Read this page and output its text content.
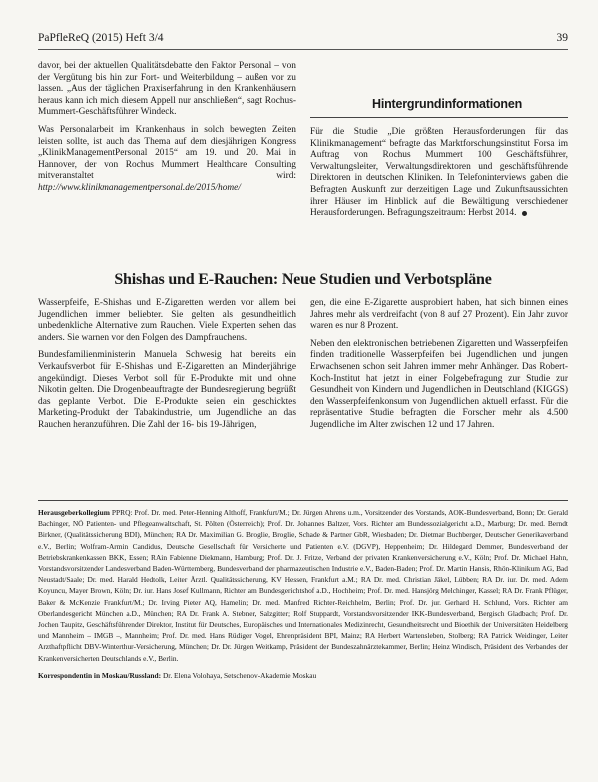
PaPfleReQ (2015) Heft 3/4	39

davor, bei der aktuellen Qualitätsdebatte den Faktor Personal – von der Vergütung bis hin zur Fort- und Weiterbildung – außen vor zu lassen. „Aus der täglichen Praxiserfahrung in den Krankenhäusern heraus kann ich mich diesem Appell nur anschließen“, sagt Rochus-Mummert-Geschäftsführer Windeck.

Was Personalarbeit im Krankenhaus in solch bewegten Zeiten leisten sollte, ist auch das Thema auf dem diesjährigen Kongress „KlinikManagementPersonal 2015“ am 19. und 20. Mai in Hannover, der von Rochus Mummert Healthcare Consulting mitveranstaltet wird: http://www.klinikmanagementpersonal.de/2015/home/

Hintergrundinformationen

Für die Studie „Die größten Herausforderungen für das Klinikmanagement“ befragte das Marktforschungsinstitut Forsa im Auftrag von Rochus Mummert 100 Geschäftsführer, Verwaltungsleiter, Verwaltungsdirektoren und geschäftsführende Direktoren in deutschen Kliniken. In Telefoninterviews gaben die Befragten Auskunft zur derzeitigen Lage und Zukunftsaussichten ihrer Häuser im Hinblick auf die Bewältigung verschiedener Herausforderungen. Befragungszeitraum: Herbst 2014.

Shishas und E-Rauchen: Neue Studien und Verbotspläne

Wasserpfeife, E-Shishas und E-Zigaretten werden vor allem bei Jugendlichen immer beliebter. Sie gelten als gesundheitlich unbedenkliche Alternative zum Rauchen. Viele Experten sehen das anders. Sie warnen vor den Folgen des Dampfrauchens.

Bundesfamilienministerin Manuela Schwesig hat bereits ein Verkaufsverbot für E-Shishas und E-Zigaretten an Minderjährige angekündigt. Dieses Verbot soll für E-Produkte mit und ohne Nikotin gelten. Die Drogenbeauftragte der Bundesregierung begrüßt das geplante Verbot. Die E-Produkte seien ein geschicktes Marketing-Produkt der Tabakindustrie, um Jugendliche an das Rauchen heranzuführen. Die Zahl der 16- bis 19-Jährigen,

gen, die eine E-Zigarette ausprobiert haben, hat sich binnen eines Jahres mehr als verdreifacht (von 8 auf 27 Prozent). Ein Jahr zuvor waren es nur 8 Prozent.

Neben den elektronischen betriebenen Zigaretten und Wasserpfeifen finden traditionelle Wasserpfeifen bei Jugendlichen und jungen Erwachsenen schon seit Jahren immer mehr Anhänger. Das Robert-Koch-Institut hat jetzt in einer Folgebefragung zur Studie zur Gesundheit von Kindern und Jugendlichen in Deutschland (KIGGS) den Wasserpfeifenkonsum von Jugendlichen aktuell erfasst. Für die repräsentative Studie befragten die Forscher mehr als 4.500 Jugendliche im Alter zwischen 12 und 17 Jahren.

Herausgeberkollegium PPRQ: Prof. Dr. med. Peter-Henning Althoff, Frankfurt/M.; Dr. Jürgen Ahrens u.m., Vorsitzender des Vorstands, AOK-Bundesverband, Bonn; Dr. Gerald Bachinger, NÖ Patienten- und Pflegeanwaltschaft, St. Pölten (Österreich); Prof. Dr. Johannes Baltzer, Vors. Richter am Bundessozialgericht a.D., Marburg; Dr. med. Berndt Birkner, (Qualitätssicherung BDI), München; RA Dr. Maximilian G. Broglie, Broglie, Schade & Partner GbR, Wiesbaden; Dr. Dietmar Buchberger, Deutscher Generikaverband e.V., Berlin; Wolfram-Armin Candidus, Deutsche Gesellschaft für Versicherte und Patienten e.V. (DGVP), Heppenheim; Dr. Hildegard Demmer, Bundesverband der Betriebskrankenkassen BKK, Essen; RAin Fabienne Diekmann, Hamburg; Prof. Dr. J. Fritze, Verband der privaten Krankenversicherung e.V., Köln; Prof. Dr. Michael Hahn, Vorstandsvorsitzender Landesverband Baden-Württemberg, Bundesverband der pharmazeutischen Industrie e.V., Baden-Baden; Prof. Dr. Martin Hansis, Rhön-Klinikum AG, Bad Neustadt/Saale; Dr. med. Harald Hedtolk, Leiter Ärztl. Qualitätssicherung, KV Hessen, Frankfurt a.M.; RA Dr. med. Christian Jäkel, Lübben; RA Dr. iur. Dr. med. Adem Koyuncu, Mayer Brown, Köln; Dr. iur. Hans Josef Kullmann, Richter am Bundesgerichtshof a.D., Hochheim; Prof. Dr. med. Hansjörg Melchinger, Kassel; RA Dr. Frank Pflüger, Baker & McKenzie Frankfurt/M.; Dr. Irving Pieter AQ, Hamelin; Dr. med. Manfred Richter-Reichhelm, Berlin; Prof. Dr. jur. Gerhard H. Schlund, Vors. Richter am Oberlandesgericht München a.D., München; RA Dr. Frank A. Stebner, Salzgitter; Rolf Stuppardt, Vorstandsvorsitzender IKK-Bundesverband, Bergisch Gladbach; Prof. Dr. Jochen Taupitz, Geschäftsführender Direktor, Institut für Deutsches, Europäisches und Internationales Medizinrecht, Gesundheitsrecht und Bioethik der Universitäten Heidelberg und Mannheim – IMGB –, Mannheim; Prof. Dr. med. Hans Rüdiger Vogel, Ehrenpräsident BPI, Mainz; RA Herbert Wartensleben, Stolberg; RA Patrick Weidinger, Leiter Arzthaftpflicht DBV-Winterthur-Versicherung, München; Dr. Dr. Jürgen Weitkamp, Präsident der Bundeszahnärztekammer, Berlin; Heinz Windisch, Präsident des Verbandes der Krankenversicherten Deutschlands e.V., Berlin.

Korrespondentin in Moskau/Russland: Dr. Elena Volohaya, Setschenov-Akademie Moskau
